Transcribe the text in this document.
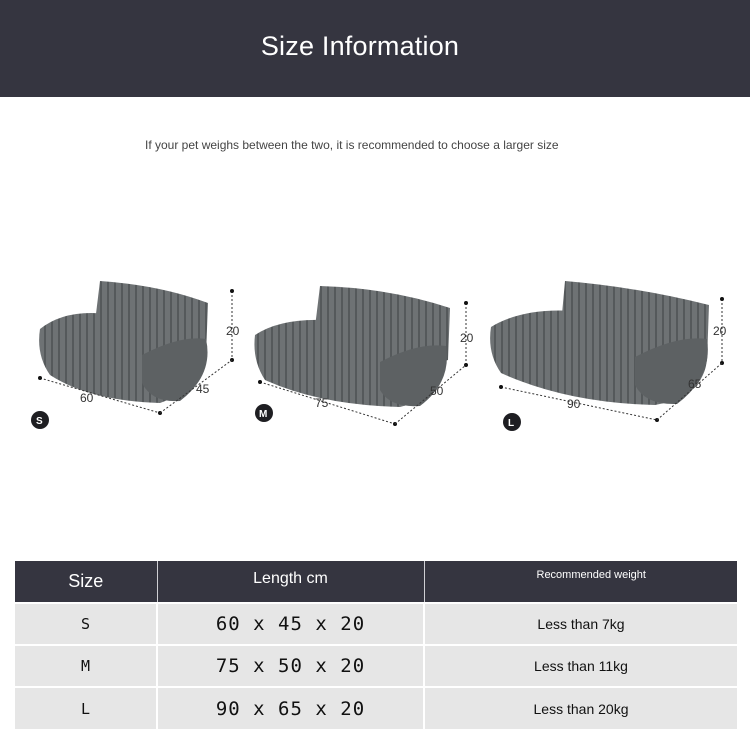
Size Information
If your pet weighs between the two, it is recommended to choose a larger size
20
60
45
S
20
75
50
M
20
90
65
L
Size	Length cm	Recommended weight
S	60 x 45 x 20	Less than 7kg
M	75 x 50 x 20	Less than 11kg
L	90 x 65 x 20	Less than 20kg
